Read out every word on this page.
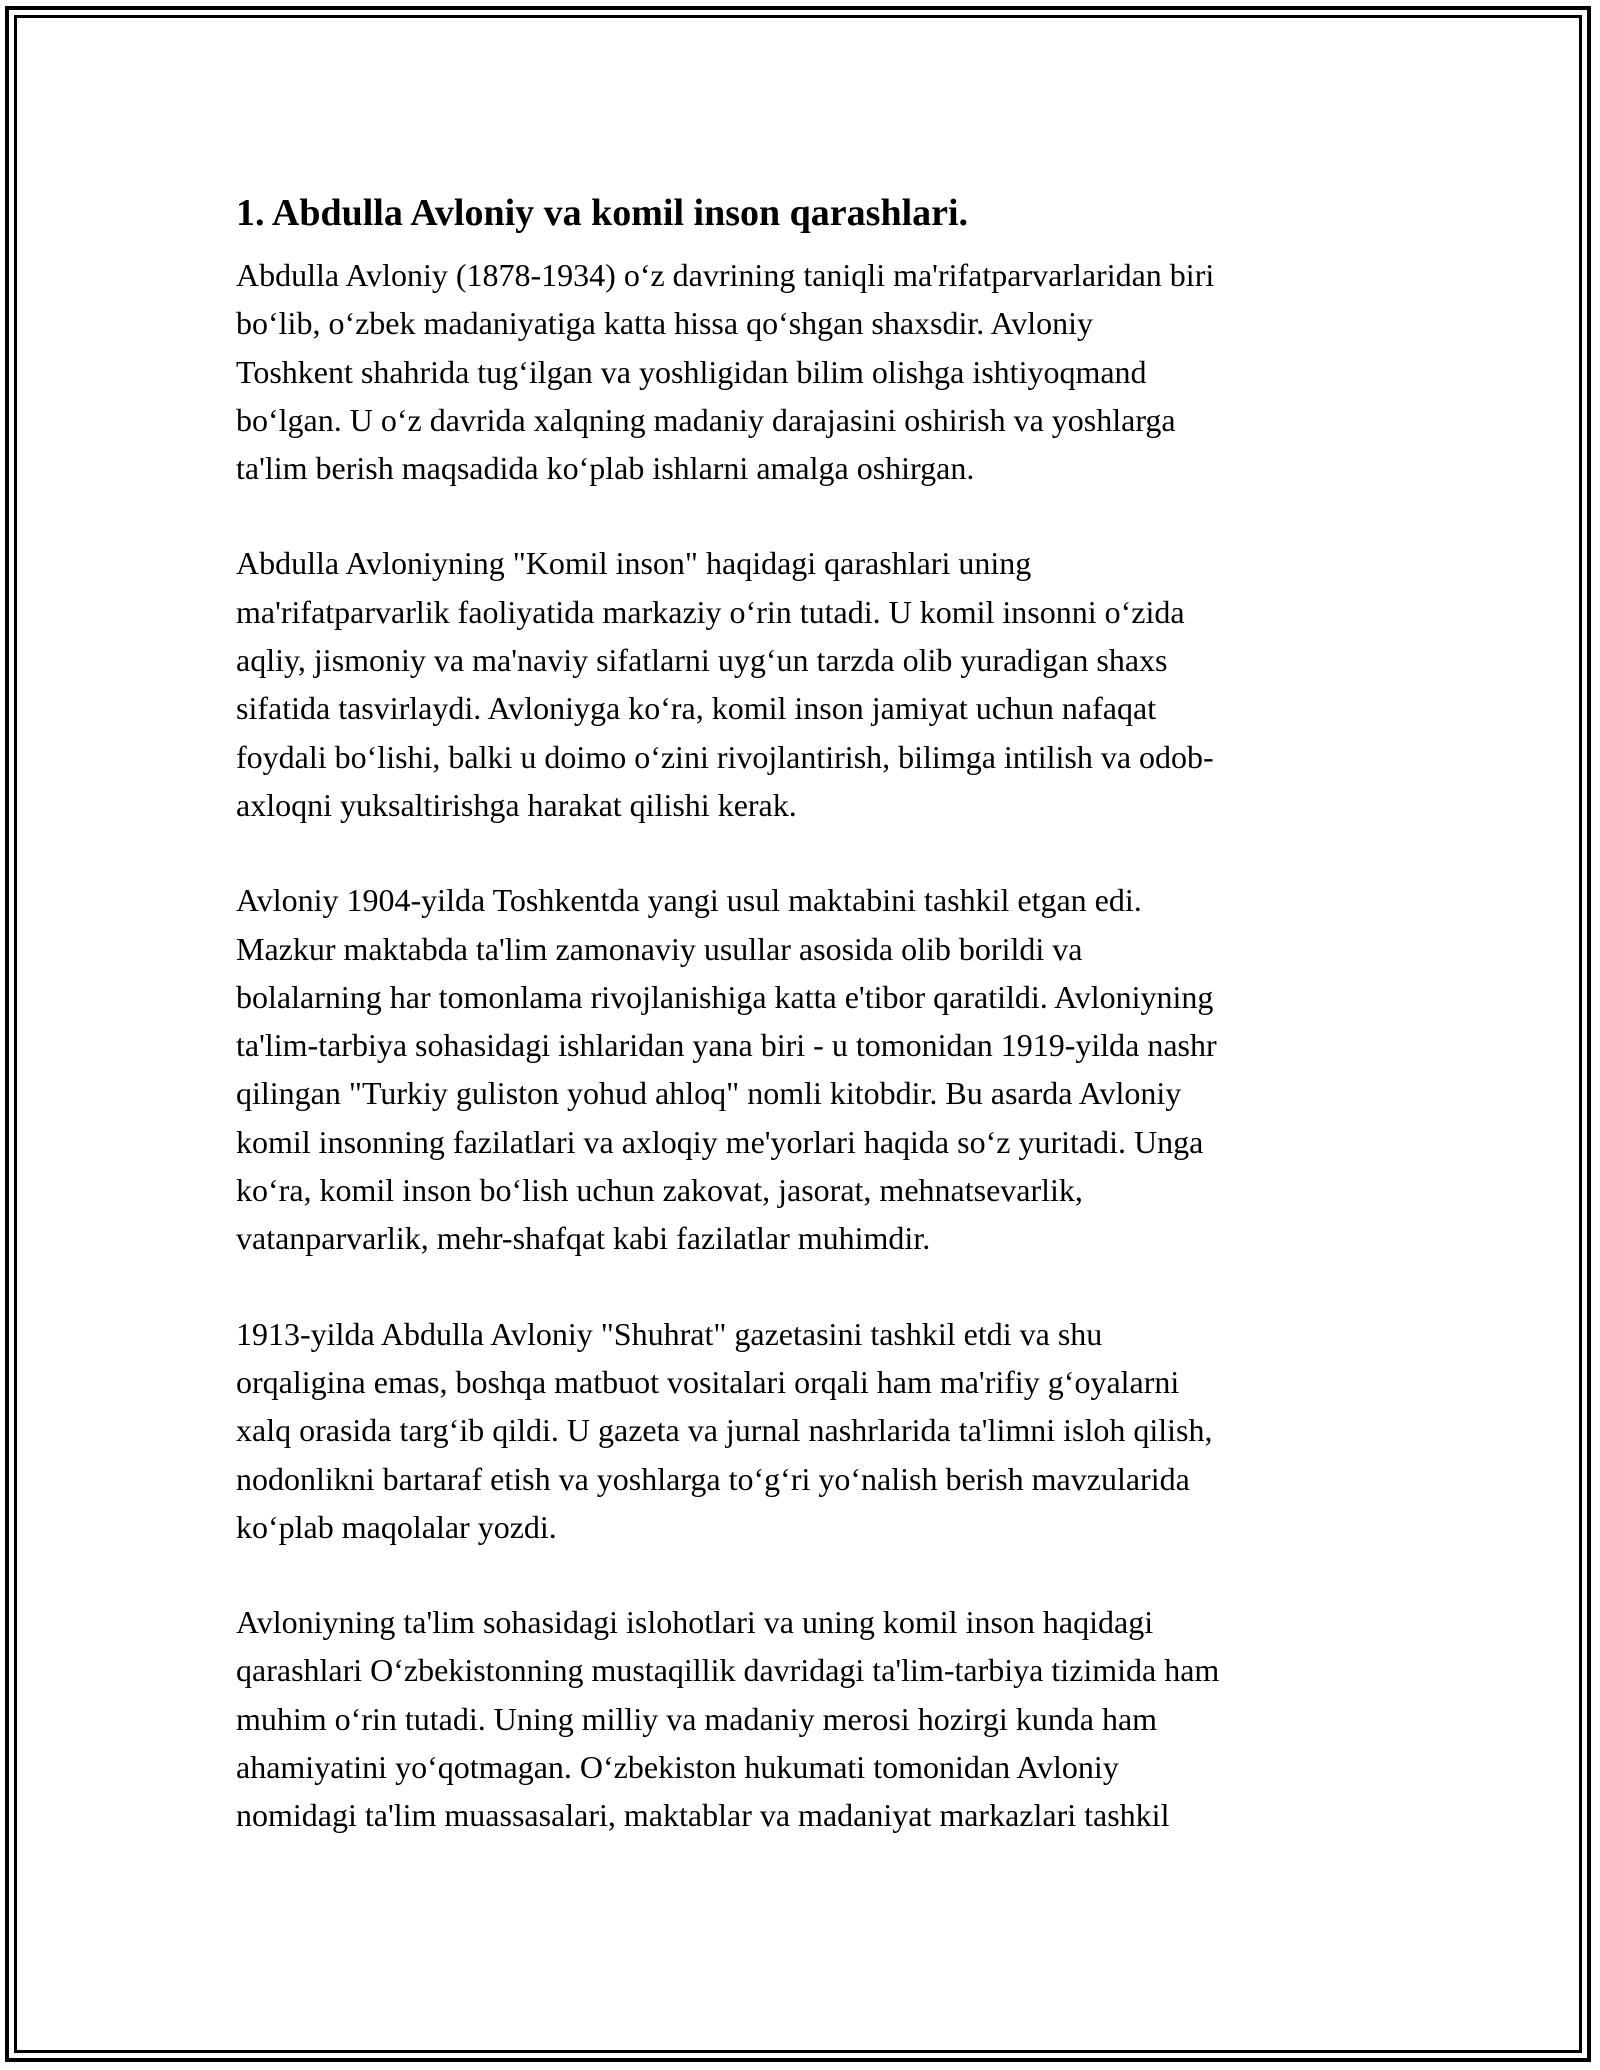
1. Abdulla Avloniy va komil inson qarashlari.

Abdulla Avloniy (1878-1934) o‘z davrining taniqli ma'rifatparvarlaridan biri
bo‘lib, o‘zbek madaniyatiga katta hissa qo‘shgan shaxsdir. Avloniy
Toshkent shahrida tug‘ilgan va yoshligidan bilim olishga ishtiyoqmand
bo‘lgan. U o‘z davrida xalqning madaniy darajasini oshirish va yoshlarga
ta'lim berish maqsadida ko‘plab ishlarni amalga oshirgan.

Abdulla Avloniyning "Komil inson" haqidagi qarashlari uning
ma'rifatparvarlik faoliyatida markaziy o‘rin tutadi. U komil insonni o‘zida
aqliy, jismoniy va ma'naviy sifatlarni uyg‘un tarzda olib yuradigan shaxs
sifatida tasvirlaydi. Avloniyga ko‘ra, komil inson jamiyat uchun nafaqat
foydali bo‘lishi, balki u doimo o‘zini rivojlantirish, bilimga intilish va odob-
axloqni yuksaltirishga harakat qilishi kerak.

Avloniy 1904-yilda Toshkentda yangi usul maktabini tashkil etgan edi.
Mazkur maktabda ta'lim zamonaviy usullar asosida olib borildi va
bolalarning har tomonlama rivojlanishiga katta e'tibor qaratildi. Avloniyning
ta'lim-tarbiya sohasidagi ishlaridan yana biri - u tomonidan 1919-yilda nashr
qilingan "Turkiy guliston yohud ahloq" nomli kitobdir. Bu asarda Avloniy
komil insonning fazilatlari va axloqiy me'yorlari haqida so‘z yuritadi. Unga
ko‘ra, komil inson bo‘lish uchun zakovat, jasorat, mehnatsevarlik,
vatanparvarlik, mehr-shafqat kabi fazilatlar muhimdir.

1913-yilda Abdulla Avloniy "Shuhrat" gazetasini tashkil etdi va shu
orqaligina emas, boshqa matbuot vositalari orqali ham ma'rifiy g‘oyalarni
xalq orasida targ‘ib qildi. U gazeta va jurnal nashrlarida ta'limni isloh qilish,
nodonlikni bartaraf etish va yoshlarga to‘g‘ri yo‘nalish berish mavzularida
ko‘plab maqolalar yozdi.

Avloniyning ta'lim sohasidagi islohotlari va uning komil inson haqidagi
qarashlari O‘zbekistonning mustaqillik davridagi ta'lim-tarbiya tizimida ham
muhim o‘rin tutadi. Uning milliy va madaniy merosi hozirgi kunda ham
ahamiyatini yo‘qotmagan. O‘zbekiston hukumati tomonidan Avloniy
nomidagi ta'lim muassasalari, maktablar va madaniyat markazlari tashkil
